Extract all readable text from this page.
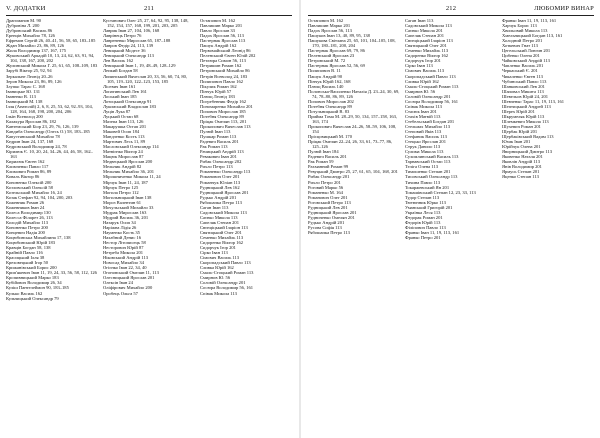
V. ДОДАТКИ	211

Драгоманов М. 90

Дубровіна Л. 200

Дубровський Василь 86

Еренців Михайло 78, 126

Ефремов Сергій 26, 40–41, 56, 58, 65, 183–185

Ждан Михайло 23, 86, 89, 126

Жила Володимир 137, 167, 175

Жуковський Аркадій 10, 13, 24, 62, 63, 91, 94, 104, 138, 167, 200, 202

Жулинський Микола Г. 25, 61, 65, 108–109, 183

Зарубі Віктор 25, 92, 94

Зеркальне Леонід 20–26

Зеров Микола 23, 86, 89, 126

Злупко Тарас С. 168

Іваницьке Ю. 131

Іваненко В. 113

Іваницький М. 138

Ілля (Анатолій) 2, 6, 8, 25, 53, 62, 92–93, 104, 128, 164, 168, 198, 200, 204, 206

Ільїн Всеволод 200

Калакура Ярослав 86, 182

Кантемський Біор 23, 29, 76, 126, 139

Кандиба Олександр (Олесь О.) 58, 183–185

Капустянський Михайло 78

Кедрин Іван 24, 137, 168

Кедровський Володимир 24, 78

Кірилюк Є. 10, 20, 24, 34–26, 44, 46, 58, 162–163

Кирилюк Євген 162

Климченко Павло 117

Климович Роман 86, 89

Коваль Віктор 86

Кононенко Олексій 200

Козловський Олексій 58

Козельський Михайло 16, 24

Козак Стефан 92, 94, 104, 200, 203

Кожевник Роман 26

Кожевников Іван 24

Колеса Володимир 130

Колесса Філарет 26, 113

Колодій Михайло 113

Кононенко Петро 200

Концевич Надія 200

Коцюбинська Михайлина 17, 138

Коцюбинський Юрій 183

Кравців Богдан 58, 138

Крайній Павло 116

Красицький Ілля 38

Креховецький Ігор 50

Крижанівський Борис 200

Крип'якевич Іван 11, 19, 24, 33, 56, 58, 112, 126

Кропивницький Марко 183

Кубійович Володимир 26, 34

Куліш Пантелеймон 90, 183–185

Кулько Василь 162

Кульчицький Олександр 79

Кустанович Олег 25, 27, 64, 92, 95, 138, 148, 152, 154, 157, 168, 199, 201, 203, 205

Лаврик Іван 27, 104, 106, 168

Лаврінець Петро 76

Лаврененко Мирослав 65, 187–188

Лавров Федір 24, 113, 139

Левицький Модест 36

Левицький Олександр 113

Лев Василь 162

Левицький Іван 1, 19, 48–49, 128–129

Лепкий Богдан 58

Липинський Вячеслав 20, 33, 56, 60, 74, 80, 105, 119–120, 122–123, 153, 185

Лісевич Іван 161

Лопатинський Лев 161

Лоський Іван 185

Лотоцький Олександр 91

Лукомський Владислав 183

Луців Лука 87

Луцький Остап 68

Мазепа Іван 113, 126

Макарушка Остап 201

Маковей Осип 184

Мандзенко Кость 113

Мартович Лесь 11, 89

Масловський Олександр 114

Матвієнко Віктор 24

Мацюк Мирослав 87

Медвецький Ярослав 200

Мельник Андрій 82

Мельник Михайло 36, 201

Мірошниченко Микола 11, 24

Мірчук Іван 11, 24, 187

Мірчук Петро 125

Могила Петро 112

Могильницький Іван 138

Мороз Валентин 61

Мочульський Михайло 33

Мудрак Мирослав 163

Мудрий Василь 36, 201

Назарук Осип 34

Наріжна Лідія 26

Науменко Кость 35

Нахабний Денис 16

Нестор Літописець 58

Несторович Юрій 87

Нетреба Микола 201

Ніковський Андрій 113

Новосад Михайло 34

Огієнко Іван 22, 34, 40

Огоновський Омелян 11, 113

Олесницький Ярослав 201

Олексів Іван 24

Оліфірович Михайло 200

Оробець Ольга 57

Остапович М. 162

Павлишин Марко 201

Павло Ярослав 33

Падох Ярослав 56, 113

Пастернак Ярослав 113

Пашук Андрій 162

Первомайський Леонід 86

Пеленський Євген Юлій 202

Петлюра Симон 56, 113

Петришин Роман 162

Петровський Михайло 86

Петрів Всеволод 24, 183

Пилипович Павло 162

Пікулик Роман 162

Пінчук Юрій 57

Плющ Леонід 183

Погребенник Федір 162

Пономаренко Михайло 201

Попович Мирослав 185

Потебня Олександр 89

Пріцак Омелян 113, 201

Прокопович Вячеслав 113

Пулюй Іван 113

Пушкар Роман 113

Радевич Василь 201

Рак Роман 113

Рачицький Андрій 113

Ревакович Іван 201

Рибак Олександр 202

Рихло Петро 113

Романенко Олександр 113

Романович Олег 201

Романчук Юліан 113

Рудницький Лев 162

Рудницький Ярослав 201

Рудько Андрій 201

Рябошапка Петро 113

Саган Іван 113

Садовський Микола 113

Саєнко Микола 113

Сапеляк Степан 201

Свєнціцький Іларіон 113

Святицький Олег 201

Семенко Михайль 113

Сидоренко Віктор 162

Сидорчук Ігор 201

Сірко Іван 113

Сімович Василь 113

Скоропадський Павло 113

Сливка Юрій 162

Смаль-Стоцький Роман 113

Смирнов Ю. 56

Соловій Олександр 201

Сосюра Володимир 56, 161

Співак Микола 113

212	ЛЮБОМИР ВИНАР

Остапович М. 162

Павлишин Марко 201

Падох Ярослав 56, 113

Пашуков Іван 13, 40, 89, 95, 138

Пашукова Світлана 25, 65, 101, 104–105, 108, 170, 180–181, 200, 204

Пастернак Ярослав 69, 79, 86

Пеленський Ярослав 23

Петровський М. 72

Пастернак Ярослав 52, 56, 69

Пилипович В. 11

Пашук Андрій 90

Пінчук Юрій 162, 168

Плющ Василь 140

Полонська-Василенко Наталія Д. 23–24, 30, 69, 74, 78–80, 86, 89, 126

Попович Мирослав 202

Потебня Олександр 89

Потульницький В. 83

Прийма Тома М. 28–29, 50, 134, 157–158, 163, 163, 174

Прокопович Вячеслав 24–26, 58–59, 106, 108, 154

Прісцовицький М. 170

Пріцак Омелян 22–24, 26, 33, 61, 73–77, 86, 125–126

Пулюй Іван 184

Радевич Василь 201

Рак Роман 59

Рахманний Роман 99

Ревуцький Дмитро 25, 27, 61, 65, 104, 168, 201

Рибак Олександр 201

Рихло Петро 201

Роговий Марко 56

Романенко М. 164

Романович Олег 201

Роговський Петро 113

Рудницький Лев 201

Рудницький Ярослав 201

Рудниченко Омелян 201

Рудько Андрій 201

Русова Софія 113

Рябошапка Петро 113

Саган Іван 113

Садовський Микола 113

Саєнко Микола 201

Сапеляк Степан 201

Свєнціцький Іларіон 113

Святицький Олег 201

Семенко Михайль 113

Сидоренко Віктор 162

Сидорчук Ігор 201

Сірко Іван 113

Сімович Василь 113

Скоропадський Павло 113

Сливка Юрій 162

Смаль-Стоцький Роман 113

Смирнов Ю. 56

Соловій Олександр 201

Сосюра Володимир 56, 161

Співак Микола 113

Стасюк Іван 201

Стахів Матвій 113

Стебельський Богдан 201

Стельмах Михайло 113

Степовий Яків 113

Стефаник Василь 113

Стецько Ярослав 201

Струк Данило 113

Сулима Микола 113

Сухомлинський Василь 113

Тарнавський Остап 113

Теліга Олена 113

Тимошенко Степан 201

Тисовський Олександр 113

Тичина Павло 113

Токаржевський Ян 201

Томашівський Степан 12, 23, 33, 113

Тудор Степан 113

Тютюнник Юрко 113

Уманський Григорій 201

Українка Леся 113

Федорак Роман 201

Федорів Юрій 113

Філіпович Павло 113

Франко Іван 11, 19, 113, 161

Франко Петро 201

Франко Іван 11, 19, 113, 161

Харчук Борис 113

Хвильовий Микола 113

Хмельницький Богдан 113, 161

Холодний Петро 201

Хоткевич Гнат 113

Цегельський Лонгин 201

Цибенко Олена 201

Чайковський Андрій 113

Чапленко Василь 201

Черкаський Є. 201

Чикаленко Євген 113

Чубинський Павло 113

Шанковський Лев 201

Шаповал Микита 113

Шевельов Юрій 24, 201

Шевченко Тарас 11, 19, 113, 161

Шептицький Андрей 113

Шерех Юрій 201

Шкрумеляк Юрій 113

Шлемкевич Микола 113

Шухевич Роман 201

Щербак Юрій 201

Щербаківський Вадим 113

Юзик Іван 201

Юрійчук Олена 201

Яворницький Дмитро 113

Яковенко Наталя 201

Яковлів Андрій 113

Янів Володимир 201

Ярмусь Степан 201

Яценко Степан 113
